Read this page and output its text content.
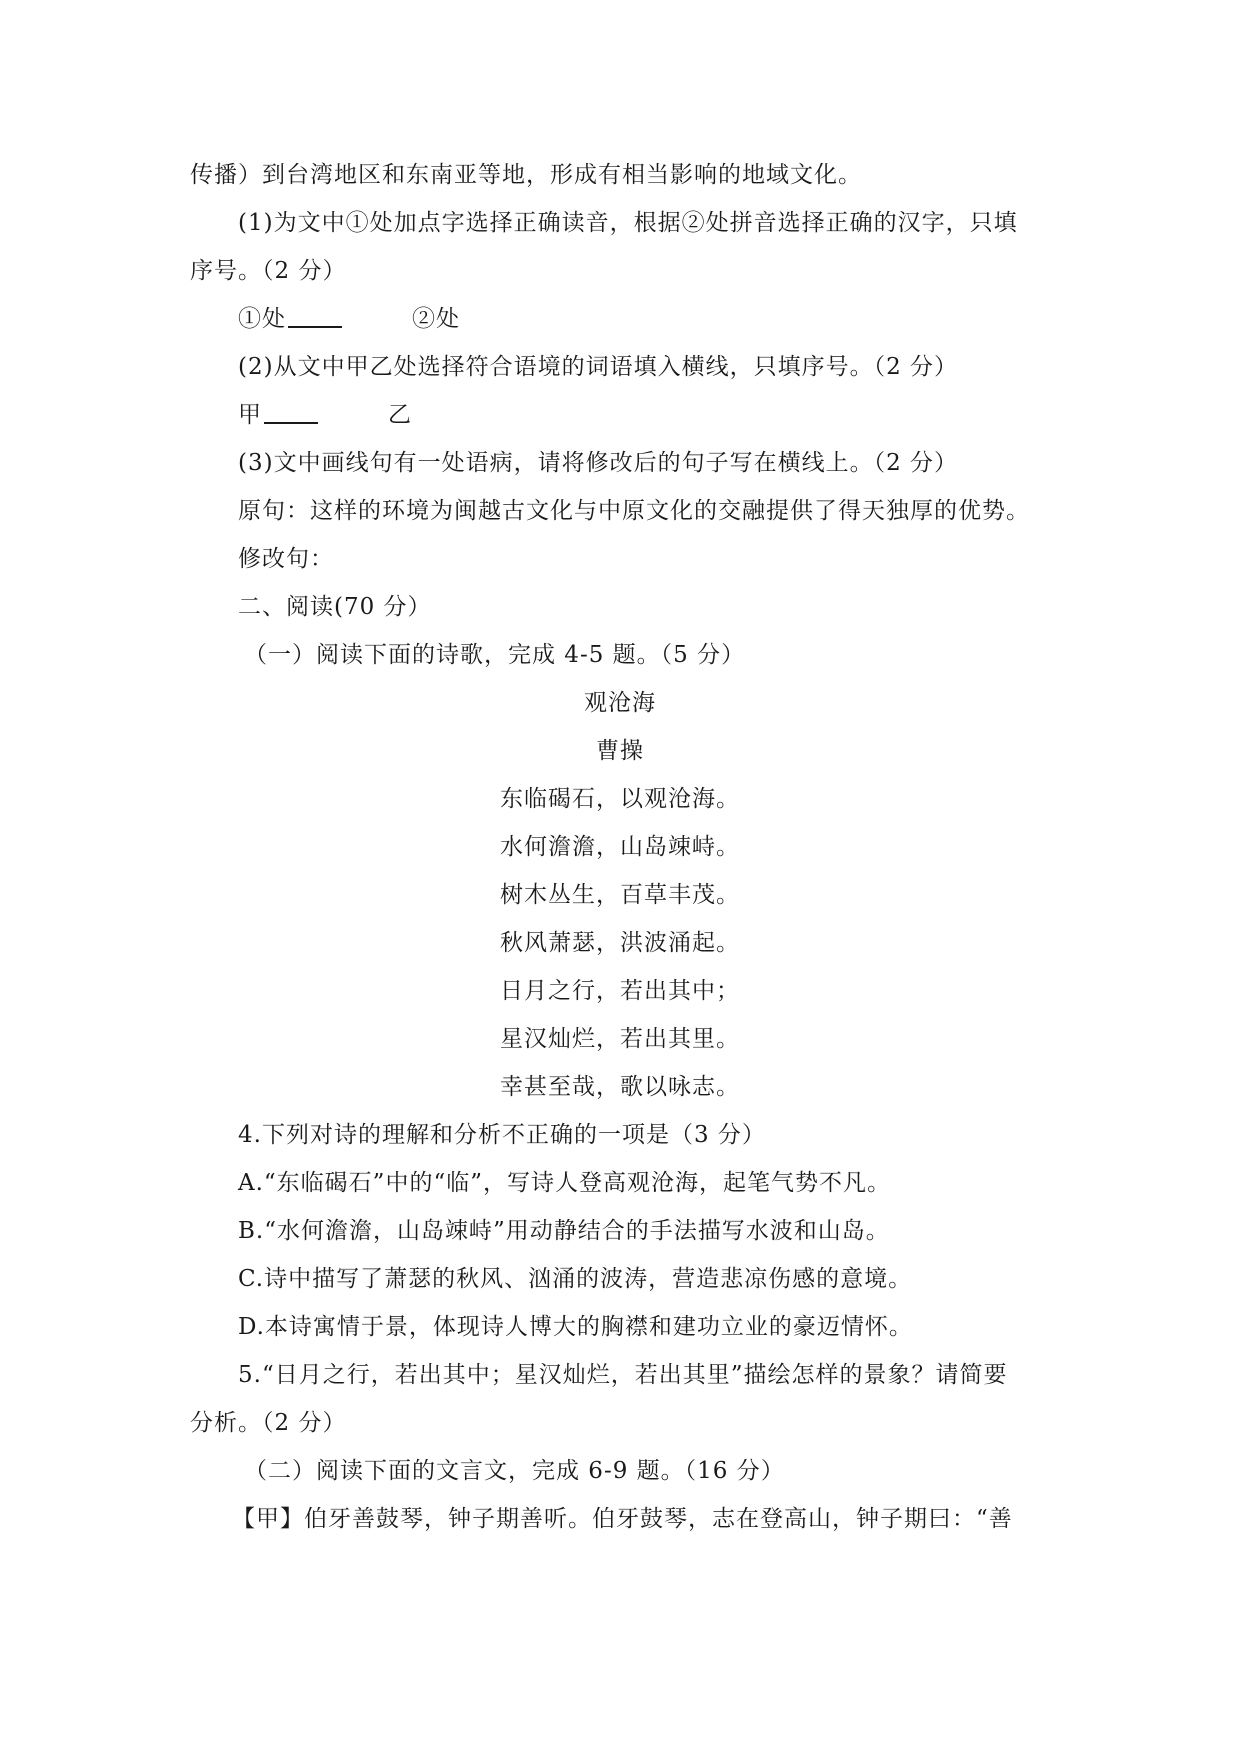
传播）到台湾地区和东南亚等地，形成有相当影响的地域文化。
(1)为文中①处加点字选择正确读音，根据②处拼音选择正确的汉字，只填
序号。（2 分）
①处	②处
(2)从文中甲乙处选择符合语境的词语填入横线，只填序号。（2 分）
甲	乙
(3)文中画线句有一处语病，请将修改后的句子写在横线上。（2 分）
原句：这样的环境为闽越古文化与中原文化的交融提供了得天独厚的优势。
修改句：
二、阅读(70 分）
（一）阅读下面的诗歌，完成 4-5 题。（5 分）
观沧海
曹操
东临碣石，以观沧海。
水何澹澹，山岛竦峙。
树木丛生，百草丰茂。
秋风萧瑟，洪波涌起。
日月之行，若出其中；
星汉灿烂，若出其里。
幸甚至哉，歌以咏志。
4.下列对诗的理解和分析不正确的一项是（3 分）
A.“东临碣石”中的“临”，写诗人登高观沧海，起笔气势不凡。
B.“水何澹澹，山岛竦峙”用动静结合的手法描写水波和山岛。
C.诗中描写了萧瑟的秋风、汹涌的波涛，营造悲凉伤感的意境。
D.本诗寓情于景，体现诗人博大的胸襟和建功立业的豪迈情怀。
5.“日月之行，若出其中；星汉灿烂，若出其里”描绘怎样的景象？请简要
分析。（2 分）
（二）阅读下面的文言文，完成 6-9 题。（16 分）
【甲】伯牙善鼓琴，钟子期善听。伯牙鼓琴，志在登高山，钟子期曰：“善
